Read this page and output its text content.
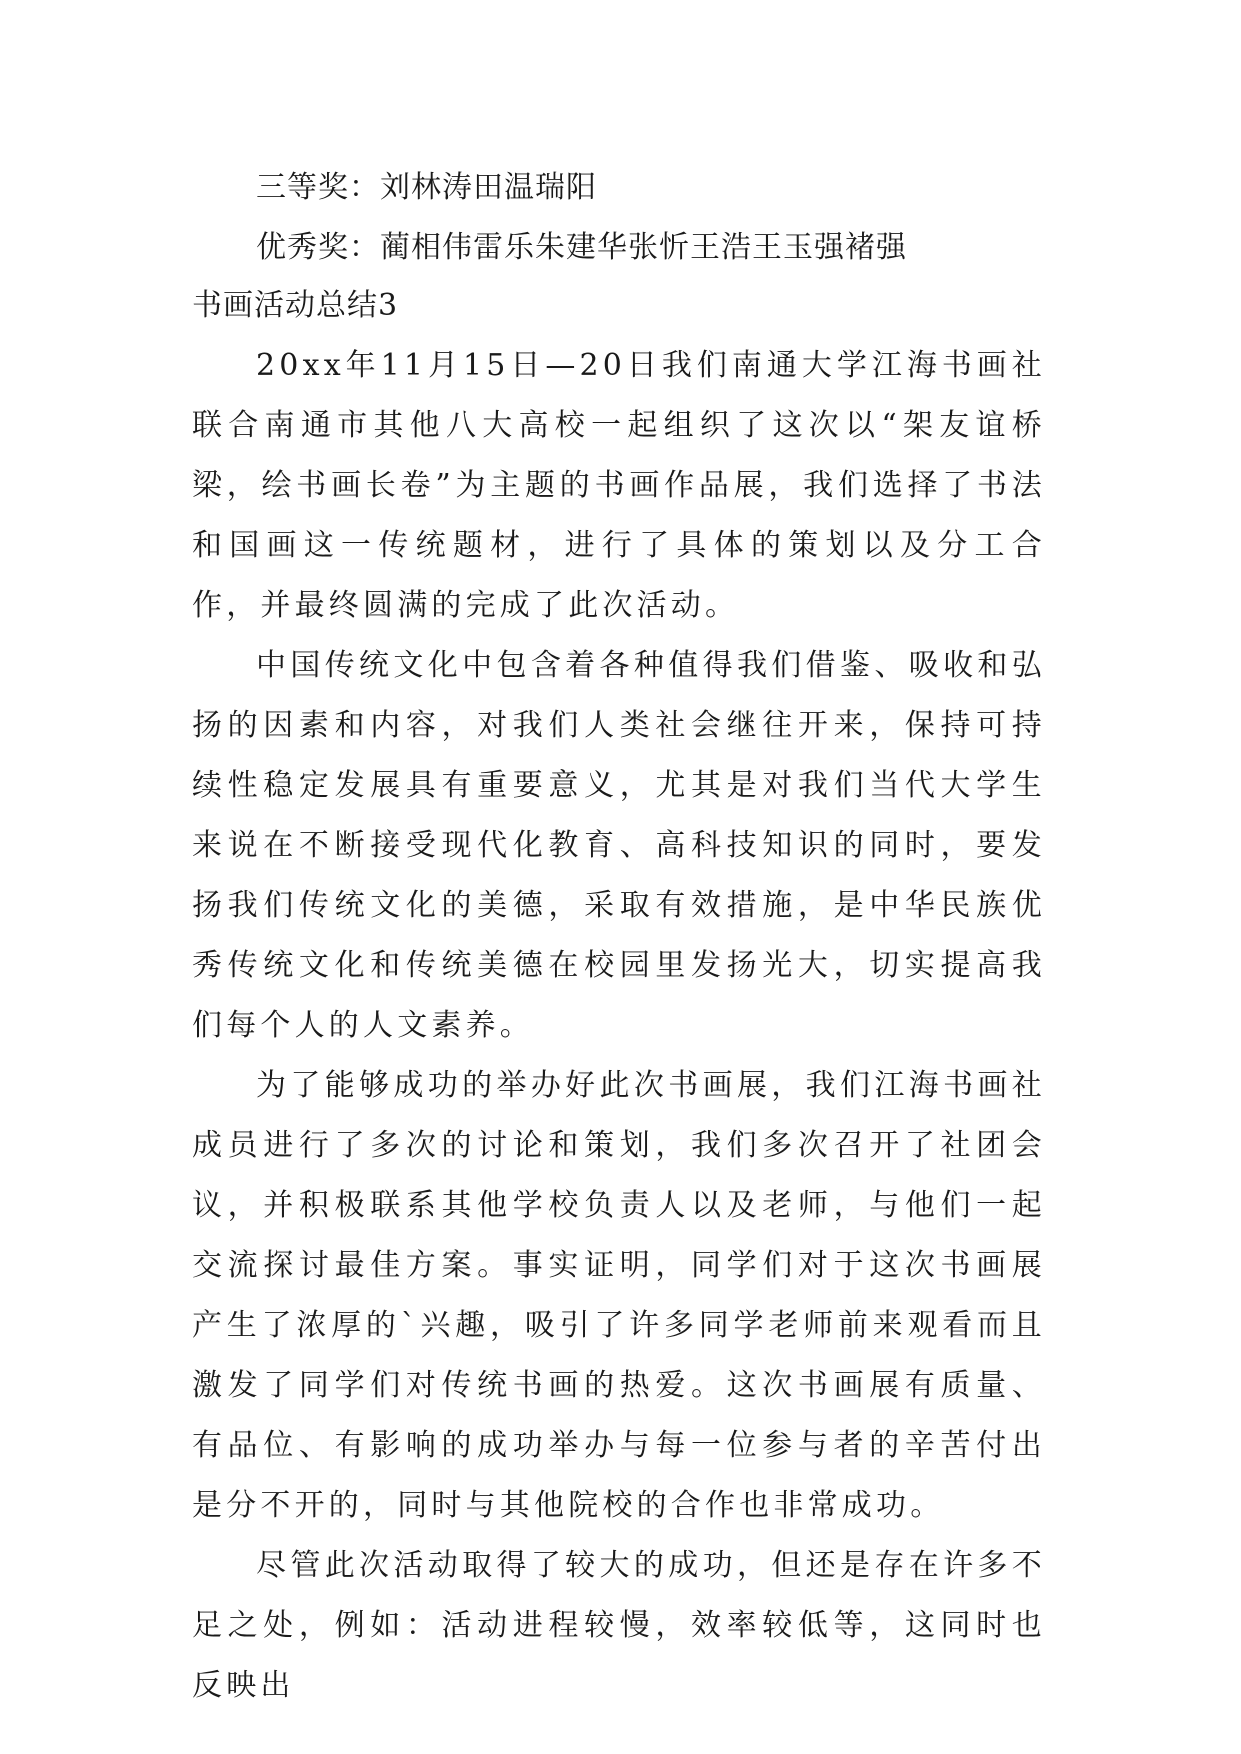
三等奖：刘林涛田温瑞阳

优秀奖：蔺相伟雷乐朱建华张忻王浩王玉强褚强

书画活动总结3

20xx年11月15日—20日我们南通大学江海书画社联合南通市其他八大高校一起组织了这次以“架友谊桥梁，绘书画长卷”为主题的书画作品展，我们选择了书法和国画这一传统题材，进行了具体的策划以及分工合作，并最终圆满的完成了此次活动。

中国传统文化中包含着各种值得我们借鉴、吸收和弘扬的因素和内容，对我们人类社会继往开来，保持可持续性稳定发展具有重要意义，尤其是对我们当代大学生来说在不断接受现代化教育、高科技知识的同时，要发扬我们传统文化的美德，采取有效措施，是中华民族优秀传统文化和传统美德在校园里发扬光大，切实提高我们每个人的人文素养。

为了能够成功的举办好此次书画展，我们江海书画社成员进行了多次的讨论和策划，我们多次召开了社团会议，并积极联系其他学校负责人以及老师，与他们一起交流探讨最佳方案。事实证明，同学们对于这次书画展产生了浓厚的`兴趣，吸引了许多同学老师前来观看而且激发了同学们对传统书画的热爱。这次书画展有质量、有品位、有影响的成功举办与每一位参与者的辛苦付出是分不开的，同时与其他院校的合作也非常成功。

尽管此次活动取得了较大的成功，但还是存在许多不足之处，例如：活动进程较慢，效率较低等，这同时也反映出
